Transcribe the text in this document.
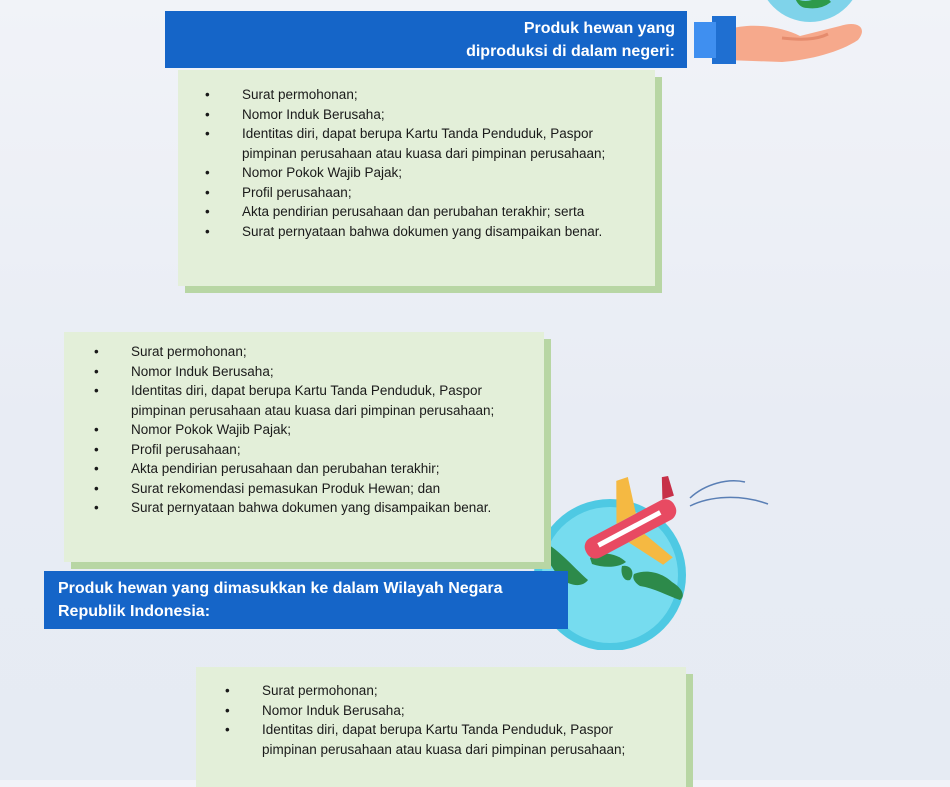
Produk hewan yang
diproduksi di dalam negeri:
• Surat permohonan;
• Nomor Induk Berusaha;
• Identitas diri, dapat berupa Kartu Tanda Penduduk, Paspor pimpinan perusahaan atau kuasa dari pimpinan perusahaan;
• Nomor Pokok Wajib Pajak;
• Profil perusahaan;
• Akta pendirian perusahaan dan perubahan terakhir; serta
• Surat pernyataan bahwa dokumen yang disampaikan benar.
• Surat permohonan;
• Nomor Induk Berusaha;
• Identitas diri, dapat berupa Kartu Tanda Penduduk, Paspor pimpinan perusahaan atau kuasa dari pimpinan perusahaan;
• Nomor Pokok Wajib Pajak;
• Profil perusahaan;
• Akta pendirian perusahaan dan perubahan terakhir;
• Surat rekomendasi pemasukan Produk Hewan; dan
• Surat pernyataan bahwa dokumen yang disampaikan benar.
Produk hewan yang dimasukkan ke dalam Wilayah Negara
Republik Indonesia:
• Surat permohonan;
• Nomor Induk Berusaha;
• Identitas diri, dapat berupa Kartu Tanda Penduduk, Paspor pimpinan perusahaan atau kuasa dari pimpinan perusahaan;
